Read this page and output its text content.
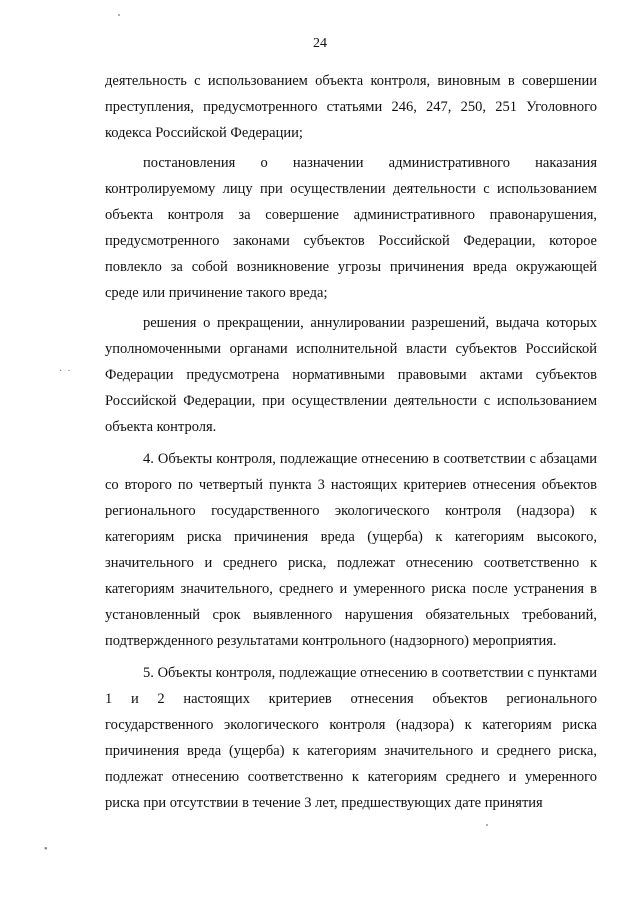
24

деятельность с использованием объекта контроля, виновным в совершении преступления, предусмотренного статьями 246, 247, 250, 251 Уголовного кодекса Российской Федерации;

постановления о назначении административного наказания контролируемому лицу при осуществлении деятельности с использованием объекта контроля за совершение административного правонарушения, предусмотренного законами субъектов Российской Федерации, которое повлекло за собой возникновение угрозы причинения вреда окружающей среде или причинение такого вреда;

решения о прекращении, аннулировании разрешений, выдача которых уполномоченными органами исполнительной власти субъектов Российской Федерации предусмотрена нормативными правовыми актами субъектов Российской Федерации, при осуществлении деятельности с использованием объекта контроля.

4. Объекты контроля, подлежащие отнесению в соответствии с абзацами со второго по четвертый пункта 3 настоящих критериев отнесения объектов регионального государственного экологического контроля (надзора) к категориям риска причинения вреда (ущерба) к категориям высокого, значительного и среднего риска, подлежат отнесению соответственно к категориям значительного, среднего и умеренного риска после устранения в установленный срок выявленного нарушения обязательных требований, подтвержденного результатами контрольного (надзорного) мероприятия.

5. Объекты контроля, подлежащие отнесению в соответствии с пунктами 1 и 2 настоящих критериев отнесения объектов регионального государственного экологического контроля (надзора) к категориям риска причинения вреда (ущерба) к категориям значительного и среднего риска, подлежат отнесению соответственно к категориям среднего и умеренного риска при отсутствии в течение 3 лет, предшествующих дате принятия

·  ·
•
